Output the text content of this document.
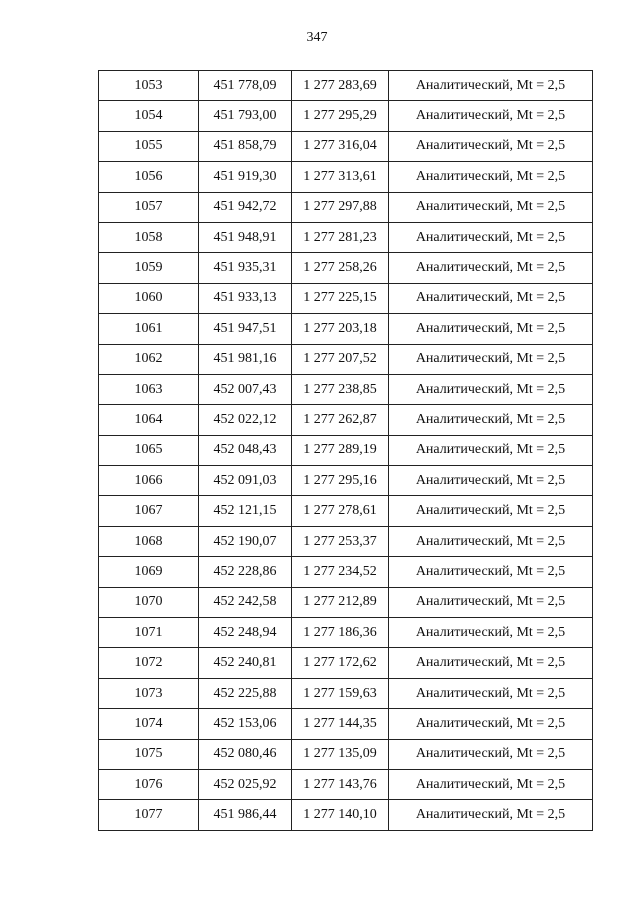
347
1053	451 778,09	1 277 283,69	Аналитический, Mt = 2,5
1054	451 793,00	1 277 295,29	Аналитический, Mt = 2,5
1055	451 858,79	1 277 316,04	Аналитический, Mt = 2,5
1056	451 919,30	1 277 313,61	Аналитический, Mt = 2,5
1057	451 942,72	1 277 297,88	Аналитический, Mt = 2,5
1058	451 948,91	1 277 281,23	Аналитический, Mt = 2,5
1059	451 935,31	1 277 258,26	Аналитический, Mt = 2,5
1060	451 933,13	1 277 225,15	Аналитический, Mt = 2,5
1061	451 947,51	1 277 203,18	Аналитический, Mt = 2,5
1062	451 981,16	1 277 207,52	Аналитический, Mt = 2,5
1063	452 007,43	1 277 238,85	Аналитический, Mt = 2,5
1064	452 022,12	1 277 262,87	Аналитический, Mt = 2,5
1065	452 048,43	1 277 289,19	Аналитический, Mt = 2,5
1066	452 091,03	1 277 295,16	Аналитический, Mt = 2,5
1067	452 121,15	1 277 278,61	Аналитический, Mt = 2,5
1068	452 190,07	1 277 253,37	Аналитический, Mt = 2,5
1069	452 228,86	1 277 234,52	Аналитический, Mt = 2,5
1070	452 242,58	1 277 212,89	Аналитический, Mt = 2,5
1071	452 248,94	1 277 186,36	Аналитический, Mt = 2,5
1072	452 240,81	1 277 172,62	Аналитический, Mt = 2,5
1073	452 225,88	1 277 159,63	Аналитический, Mt = 2,5
1074	452 153,06	1 277 144,35	Аналитический, Mt = 2,5
1075	452 080,46	1 277 135,09	Аналитический, Mt = 2,5
1076	452 025,92	1 277 143,76	Аналитический, Mt = 2,5
1077	451 986,44	1 277 140,10	Аналитический, Mt = 2,5
